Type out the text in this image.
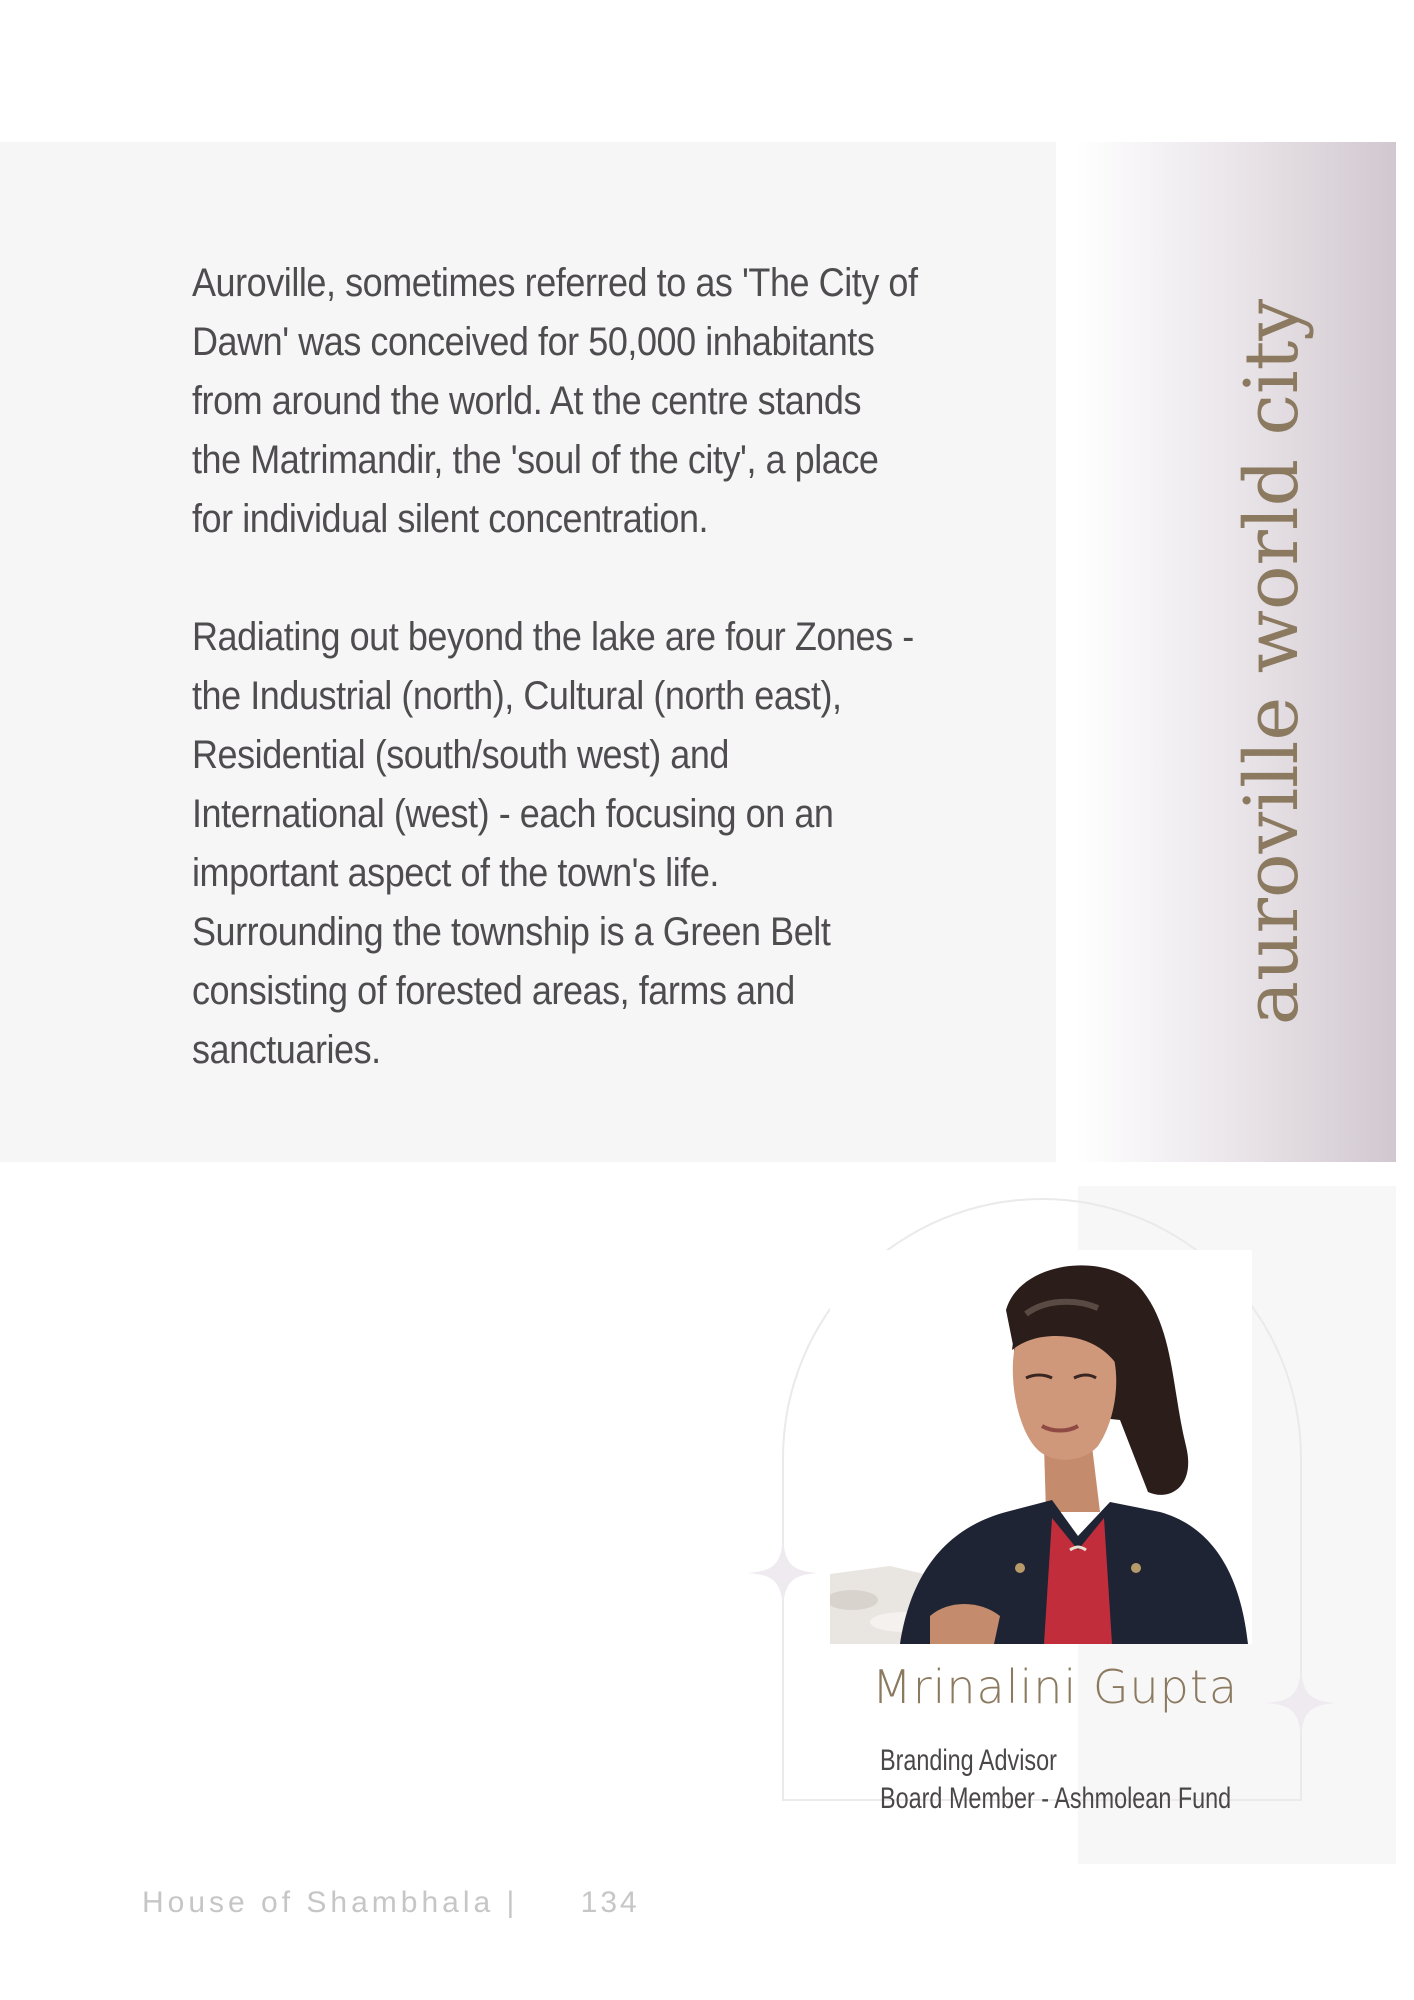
Auroville, sometimes referred to as 'The City of
Dawn' was conceived for 50,000 inhabitants
from around the world. At the centre stands
the Matrimandir, the 'soul of the city', a place
for individual silent concentration.

Radiating out beyond the lake are four Zones -
the Industrial (north), Cultural (north east),
Residential (south/south west) and
International (west) - each focusing on an
important aspect of the town's life.
Surrounding the township is a Green Belt
consisting of forested areas, farms and
sanctuaries.

auroville world city
Mrinalini Gupta
Branding Advisor
Board Member - Ashmolean Fund
House of Shambhala | 134
